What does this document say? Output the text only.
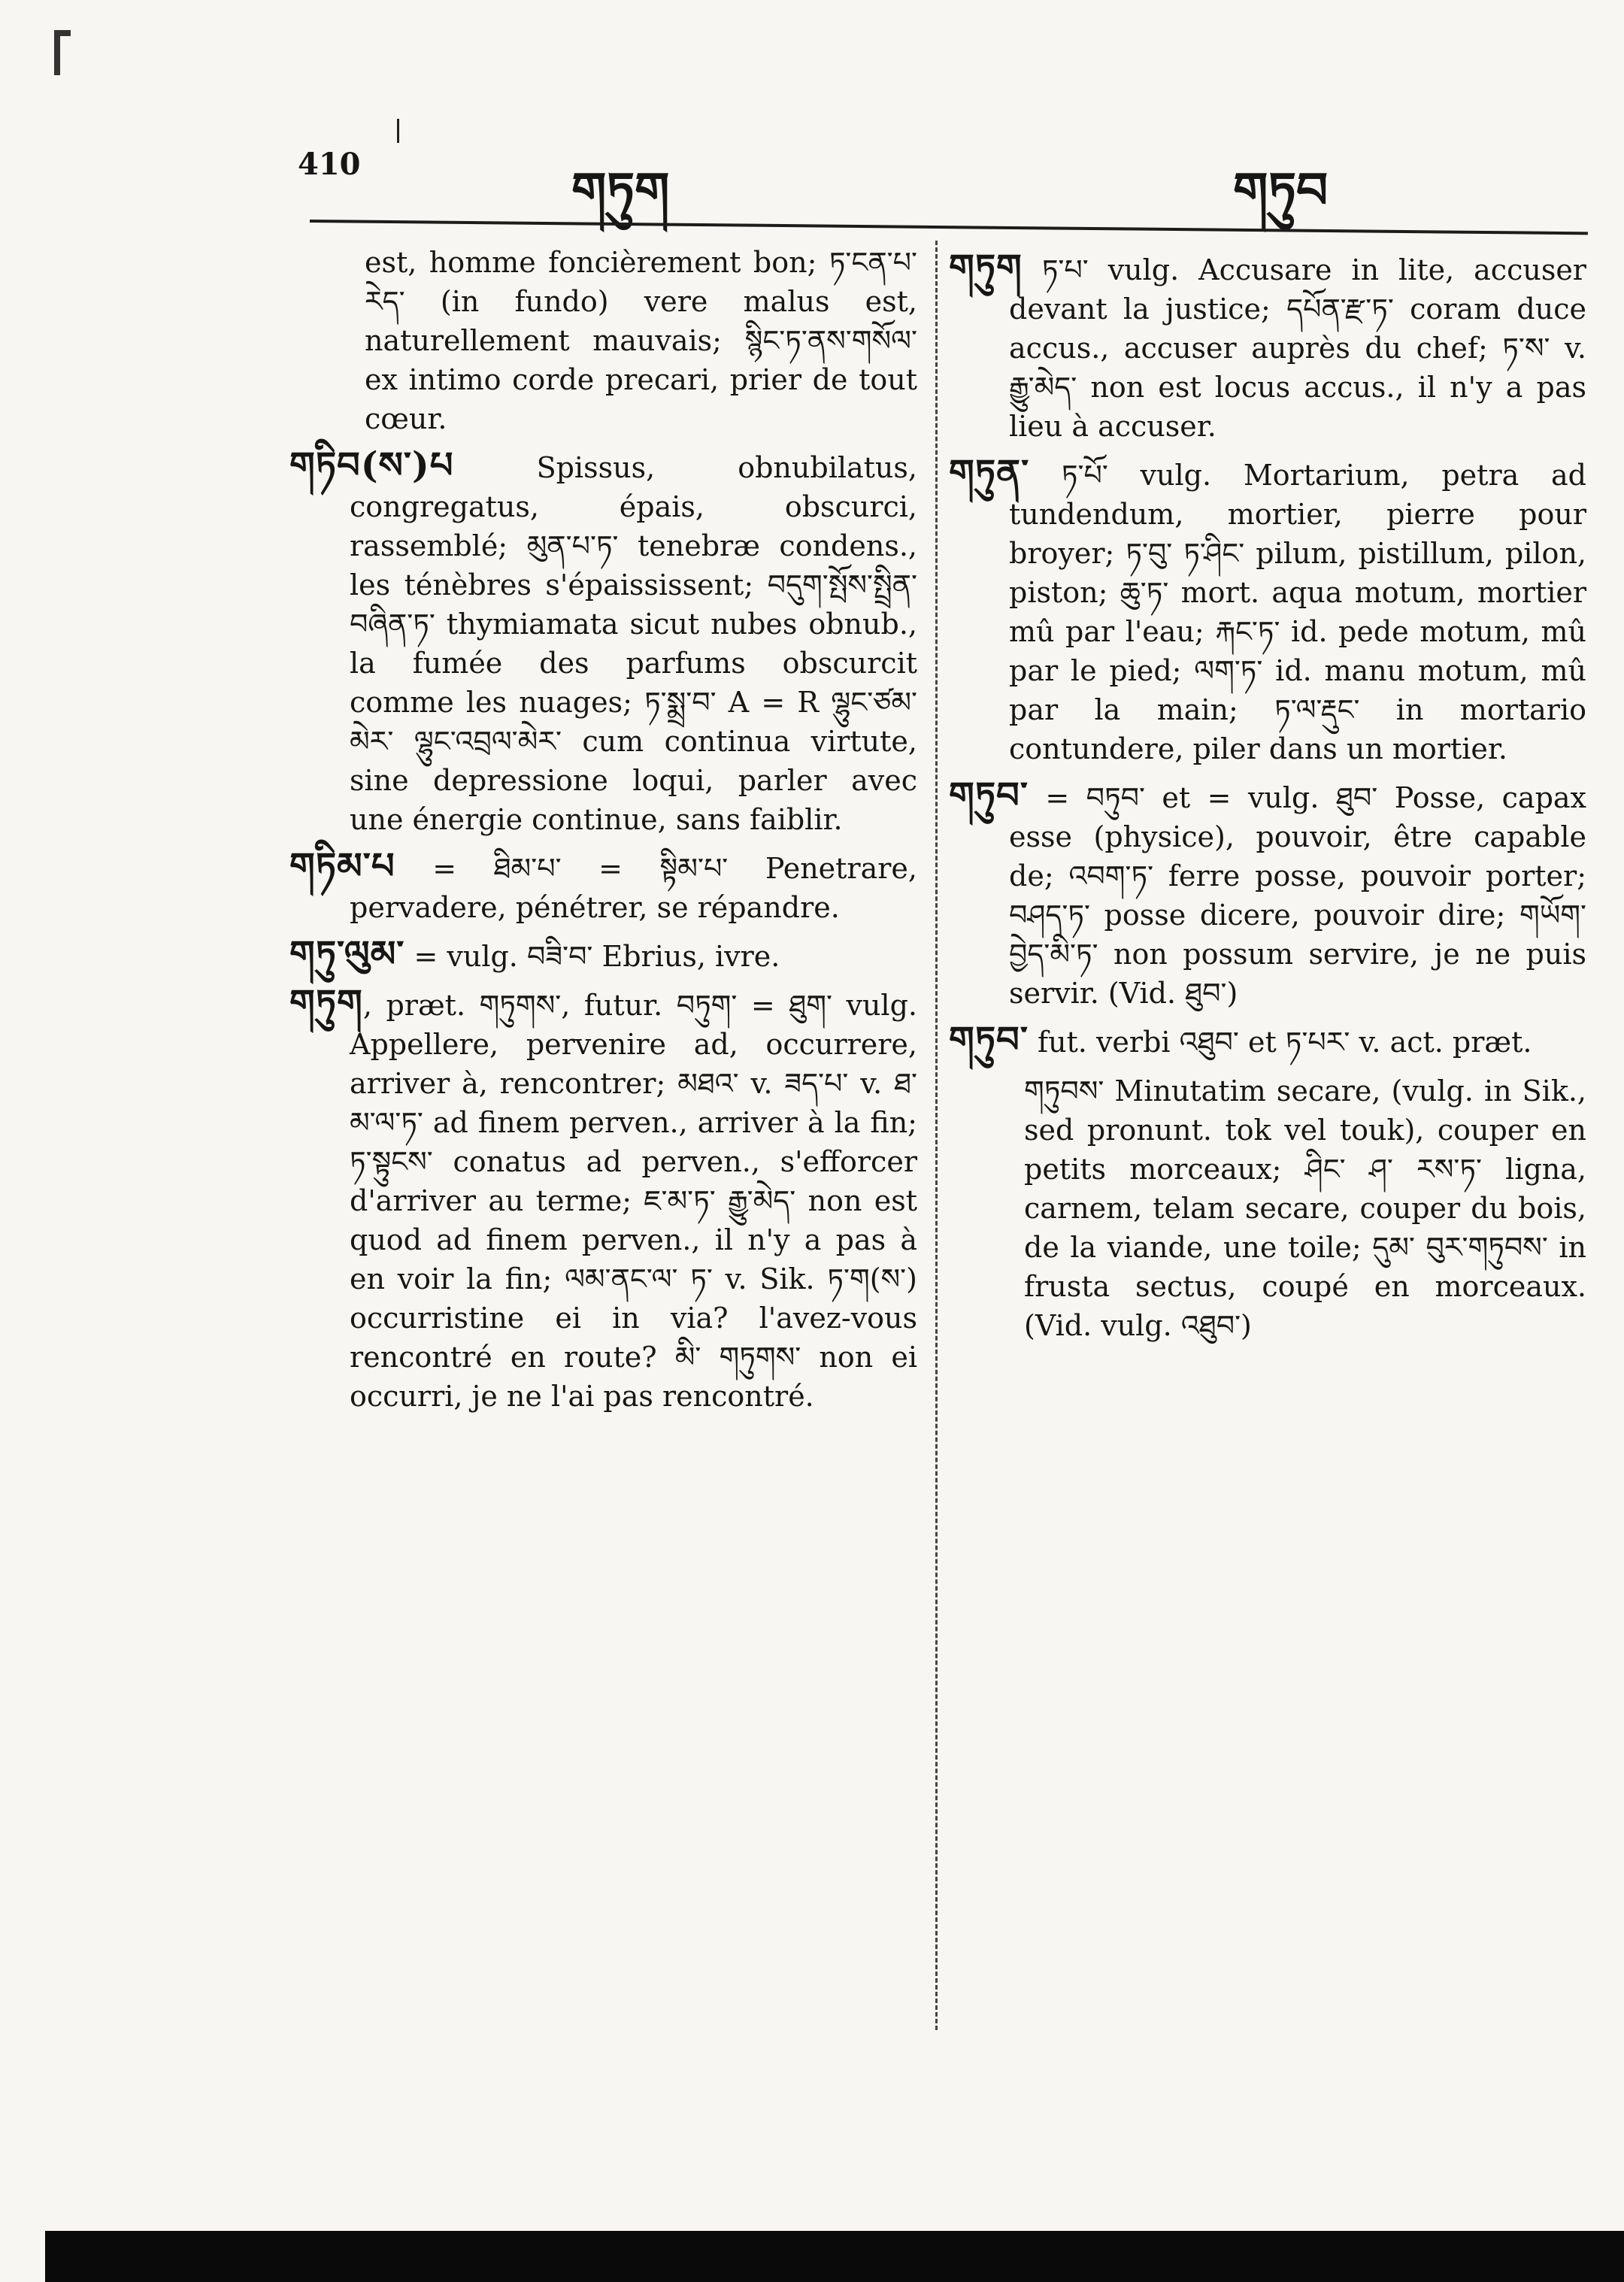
410	གཏུག	གཏུབ

est, homme foncièrement bon; ཏ་ངན་པ་རེད་ (in fundo) vere malus est, naturellement mauvais; སྙིང་ཏ་ནས་གསོལ་ ex intimo corde precari, prier de tout cœur.

གཏིབ(ས་)པ	Spissus, obnubilatus, congregatus, épais, obscurci, rassemblé; མུན་པ་ཏ་ tenebræ condens., les ténèbres s'épaississent; བདུག་སྤོས་སྤྲིན་བཞིན་ཏ་ thymiamata sicut nubes obnub., la fumée des parfums obscurcit comme les nuages; ཏ་སྨྲ་བ་ A = R ལྷུང་ཙམ་མེར་ ལྷུང་འབྲལ་མེར་ cum continua virtute, sine depressione loqui, parler avec une énergie continue, sans faiblir.

གཏིམ་པ = ཐིམ་པ་ = སྟིམ་པ་ Penetrare, pervadere, pénétrer, se répandre.

གཏུ་ལུམ་ = vulg. བཟི་བ་ Ebrius, ivre.

གཏུག, præt. གཏུགས་, futur. བཏུག་ = ཐུག་ vulg. Appellere, pervenire ad, occurrere, arriver à, rencontrer; མཐའ་ v. ཟད་པ་ v. ཐ་མ་ལ་ཏ་ ad finem perven., arriver à la fin; ཏ་སྟུངས་ conatus ad perven., s'efforcer d'arriver au terme; ཇ་མ་ཏ་ རྒྱུ་མེད་ non est quod ad finem perven., il n'y a pas à en voir la fin; ལམ་ནང་ལ་ ཏ་ v. Sik. ཏ་ག(ས་) occurristine ei in via? l'avez-vous rencontré en route? མི་ གཏུགས་ non ei occurri, je ne l'ai pas rencontré.

གཏུག ཏ་པ་ vulg. Accusare in lite, accuser devant la justice; དཔོན་རྫ་ཏ་ coram duce accus., accuser auprès du chef; ཏ་ས་ v. རྒྱུ་མེད་ non est locus accus., il n'y a pas lieu à accuser.

གཏུན་ ཏ་པོ་ vulg. Mortarium, petra ad tundendum, mortier, pierre pour broyer; ཏ་བུ་ ཏ་ཤིང་ pilum, pistillum, pilon, piston; ཆུ་ཏ་ mort. aqua motum, mortier mû par l'eau; རྐང་ཏ་ id. pede motum, mû par le pied; ལག་ཏ་ id. manu motum, mû par la main; ཏ་ལ་རྡུང་ in mortario contundere, piler dans un mortier.

གཏུབ་ = བཏུབ་ et = vulg. ཐུབ་ Posse, capax esse (physice), pouvoir, être capable de; འབག་ཏ་ ferre posse, pouvoir porter; བཤད་ཏ་ posse dicere, pouvoir dire; གཡོག་བྱེད་མི་ཏ་ non possum servire, je ne puis servir. (Vid. ཐུབ་)

གཏུབ་ fut. verbi འཐུབ་ et ཏ་པར་ v. act. præt.

གཏུབས་ Minutatim secare, (vulg. in Sik., sed pronunt. tok vel touk), couper en petits morceaux; ཤིང་ ཤ་ རས་ཏ་ ligna, carnem, telam secare, couper du bois, de la viande, une toile; དུམ་ བུར་གཏུབས་ in frusta sectus, coupé en morceaux. (Vid. vulg. འཐུབ་)
